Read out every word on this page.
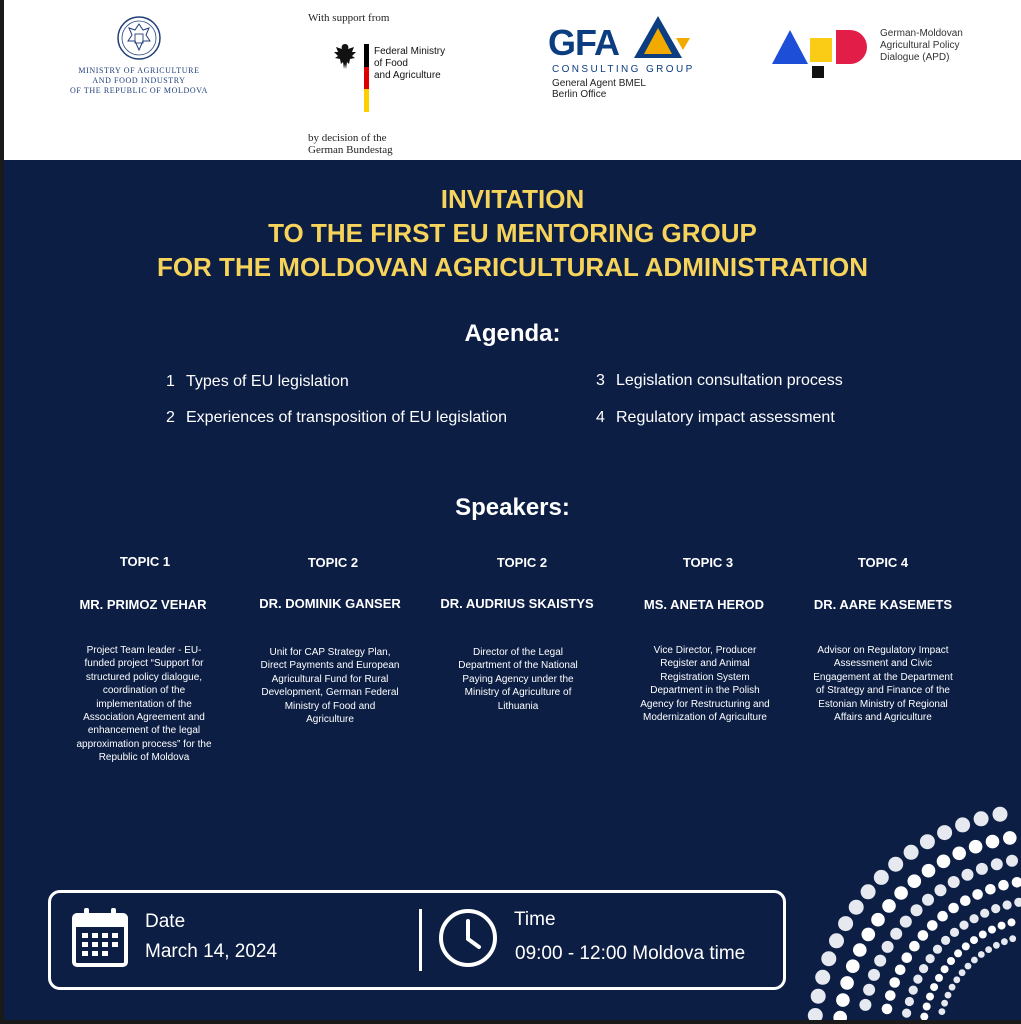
MINISTRY OF AGRICULTURE
AND FOOD INDUSTRY
OF THE REPUBLIC OF MOLDOVA
With support from
Federal Ministry
of Food
and Agriculture
by decision of the
German Bundestag
GFA
CONSULTING GROUP
General Agent BMEL
Berlin Office
German-Moldovan
Agricultural Policy
Dialogue (APD)
INVITATION
TO THE FIRST EU MENTORING GROUP
FOR THE MOLDOVAN AGRICULTURAL ADMINISTRATION
Agenda:
1 Types of EU legislation
2 Experiences of transposition of EU legislation
3 Legislation consultation process
4 Regulatory impact assessment
Speakers:
TOPIC 1
MR. PRIMOZ VEHAR
Project Team leader - EU-funded project “Support for structured policy dialogue, coordination of the implementation of the Association Agreement and enhancement of the legal approximation process” for the Republic of Moldova
TOPIC 2
DR. DOMINIK GANSER
Unit for CAP Strategy Plan, Direct Payments and European Agricultural Fund for Rural Development, German Federal Ministry of Food and Agriculture
TOPIC 2
DR. AUDRIUS SKAISTYS
Director of the Legal Department of the National Paying Agency under the Ministry of Agriculture of Lithuania
TOPIC 3
MS. ANETA HEROD
Vice Director, Producer Register and Animal Registration System Department in the Polish Agency for Restructuring and Modernization of Agriculture
TOPIC 4
DR. AARE KASEMETS
Advisor on Regulatory Impact Assessment and Civic Engagement at the Department of Strategy and Finance of the Estonian Ministry of Regional Affairs and Agriculture
Date
March 14, 2024
Time
09:00 - 12:00 Moldova time
